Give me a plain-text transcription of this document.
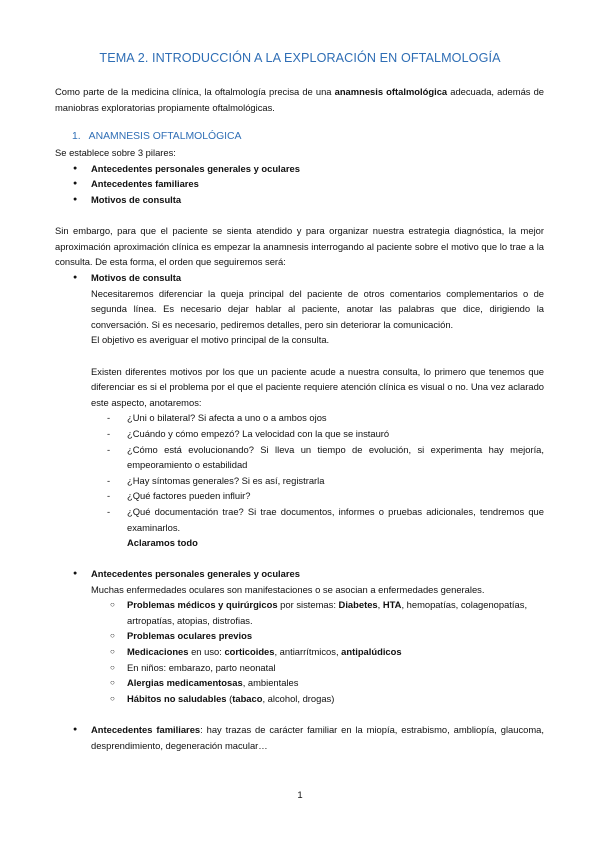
TEMA 2. INTRODUCCIÓN A LA EXPLORACIÓN EN OFTALMOLOGÍA
Como parte de la medicina clínica, la oftalmología precisa de una anamnesis oftalmológica adecuada, además de maniobras exploratorias propiamente oftalmológicas.
1. ANAMNESIS OFTALMOLÓGICA
Se establece sobre 3 pilares:
● Antecedentes personales generales y oculares
● Antecedentes familiares
● Motivos de consulta
Sin embargo, para que el paciente se sienta atendido y para organizar nuestra estrategia diagnóstica, la mejor aproximación aproximación clínica es empezar la anamnesis interrogando al paciente sobre el motivo que lo trae a la consulta. De esta forma, el orden que seguiremos será:
● Motivos de consulta
Necesitaremos diferenciar la queja principal del paciente de otros comentarios complementarios o de segunda línea. Es necesario dejar hablar al paciente, anotar las palabras que dice, dirigiendo la conversación. Si es necesario, pediremos detalles, pero sin deteriorar la comunicación.
El objetivo es averiguar el motivo principal de la consulta.
Existen diferentes motivos por los que un paciente acude a nuestra consulta, lo primero que tenemos que diferenciar es si el problema por el que el paciente requiere atención clínica es visual o no. Una vez aclarado este aspecto, anotaremos:
- ¿Uni o bilateral? Si afecta a uno o a ambos ojos
- ¿Cuándo y cómo empezó? La velocidad con la que se instauró
- ¿Cómo está evolucionando? Si lleva un tiempo de evolución, si experimenta hay mejoría, empeoramiento o estabilidad
- ¿Hay síntomas generales? Si es así, registrarla
- ¿Qué factores pueden influir?
- ¿Qué documentación trae? Si trae documentos, informes o pruebas adicionales, tendremos que examinarlos.
Aclaramos todo
● Antecedentes personales generales y oculares
Muchas enfermedades oculares son manifestaciones o se asocian a enfermedades generales.
○ Problemas médicos y quirúrgicos por sistemas: Diabetes, HTA, hemopatías, colagenopatías, artropatías, atopias, distrofias.
○ Problemas oculares previos
○ Medicaciones en uso: corticoides, antiarrítmicos, antipalúdicos
○ En niños: embarazo, parto neonatal
○ Alergias medicamentosas, ambientales
○ Hábitos no saludables (tabaco, alcohol, drogas)
● Antecedentes familiares: hay trazas de carácter familiar en la miopía, estrabismo, ambliopía, glaucoma, desprendimiento, degeneración macular…
1
